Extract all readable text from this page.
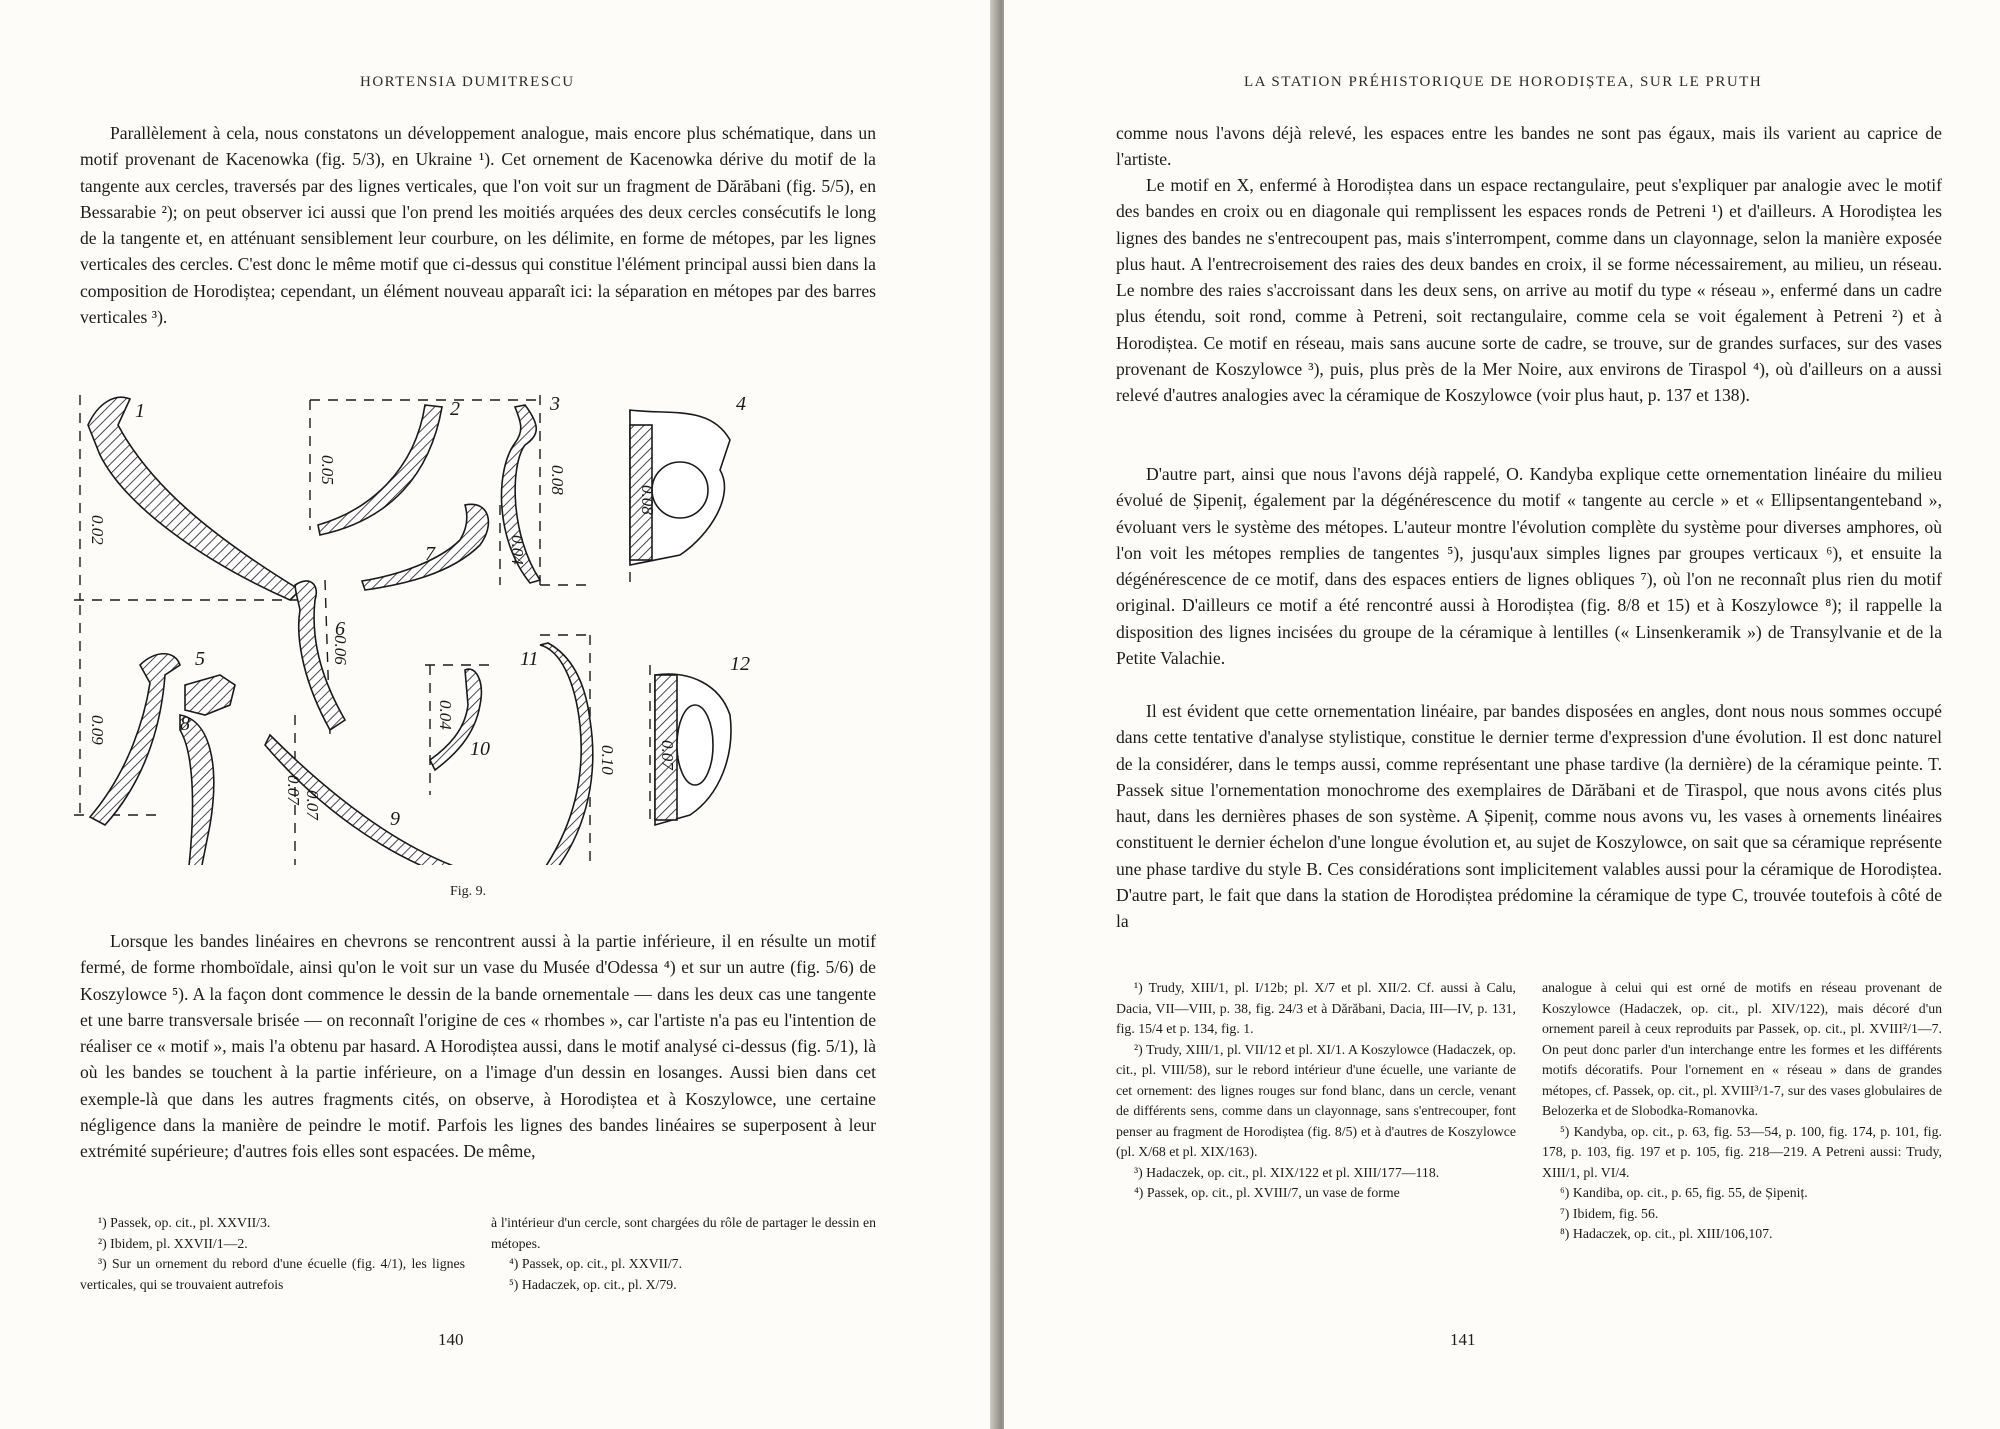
HORTENSIA DUMITRESCU

Parallèlement à cela, nous constatons un développement analogue, mais encore plus schématique, dans un motif provenant de Kacenowka (fig. 5/3), en Ukraine ¹). Cet ornement de Kacenowka dérive du motif de la tangente aux cercles, traversés par des lignes verticales, que l'on voit sur un fragment de Dărăbani (fig. 5/5), en Bessarabie ²); on peut observer ici aussi que l'on prend les moitiés arquées des deux cercles consécutifs le long de la tangente et, en atténuant sensiblement leur courbure, on les délimite, en forme de métopes, par les lignes verticales des cercles. C'est donc le même motif que ci-dessus qui constitue l'élément principal aussi bien dans la composition de Horodiștea; cependant, un élément nouveau apparaît ici: la séparation en métopes par des barres verticales ³).

1	2	3	4
5
6
7
8
9
10
11	12
0.02
0.05	0.08
0.08
0.04
0.06
0.09
0.04
0.07
0.07
0.10 0.07
Fig. 9.

Lorsque les bandes linéaires en chevrons se rencontrent aussi à la partie inférieure, il en résulte un motif fermé, de forme rhomboïdale, ainsi qu'on le voit sur un vase du Musée d'Odessa ⁴) et sur un autre (fig. 5/6) de Koszylowce ⁵). A la façon dont commence le dessin de la bande ornementale — dans les deux cas une tangente et une barre transversale brisée — on reconnaît l'origine de ces « rhombes », car l'artiste n'a pas eu l'intention de réaliser ce « motif », mais l'a obtenu par hasard. A Horodiștea aussi, dans le motif analysé ci-dessus (fig. 5/1), là où les bandes se touchent à la partie inférieure, on a l'image d'un dessin en losanges. Aussi bien dans cet exemple-là que dans les autres fragments cités, on observe, à Horodiștea et à Koszylowce, une certaine négligence dans la manière de peindre le motif. Parfois les lignes des bandes linéaires se superposent à leur extrémité supérieure; d'autres fois elles sont espacées. De même,

¹) Passek, op. cit., pl. XXVII/3.

²) Ibidem, pl. XXVII/1—2.

³) Sur un ornement du rebord d'une écuelle (fig. 4/1), les lignes verticales, qui se trouvaient autrefois

à l'intérieur d'un cercle, sont chargées du rôle de partager le dessin en métopes.

⁴) Passek, op. cit., pl. XXVII/7.

⁵) Hadaczek, op. cit., pl. X/79.

140
LA STATION PRÉHISTORIQUE DE HORODIȘTEA, SUR LE PRUTH

comme nous l'avons déjà relevé, les espaces entre les bandes ne sont pas égaux, mais ils varient au caprice de l'artiste.

Le motif en X, enfermé à Horodiștea dans un espace rectangulaire, peut s'expliquer par analogie avec le motif des bandes en croix ou en diagonale qui remplissent les espaces ronds de Petreni ¹) et d'ailleurs. A Horodiștea les lignes des bandes ne s'entrecoupent pas, mais s'interrompent, comme dans un clayonnage, selon la manière exposée plus haut. A l'entrecroisement des raies des deux bandes en croix, il se forme nécessairement, au milieu, un réseau. Le nombre des raies s'accroissant dans les deux sens, on arrive au motif du type « réseau », enfermé dans un cadre plus étendu, soit rond, comme à Petreni, soit rectangulaire, comme cela se voit également à Petreni ²) et à Horodiștea. Ce motif en réseau, mais sans aucune sorte de cadre, se trouve, sur de grandes surfaces, sur des vases provenant de Koszylowce ³), puis, plus près de la Mer Noire, aux environs de Tiraspol ⁴), où d'ailleurs on a aussi relevé d'autres analogies avec la céramique de Koszylowce (voir plus haut, p. 137 et 138).

D'autre part, ainsi que nous l'avons déjà rappelé, O. Kandyba explique cette ornementation linéaire du milieu évolué de Șipeniț, également par la dégénérescence du motif « tangente au cercle » et « Ellipsentangenteband », évoluant vers le système des métopes. L'auteur montre l'évolution complète du système pour diverses amphores, où l'on voit les métopes remplies de tangentes ⁵), jusqu'aux simples lignes par groupes verticaux ⁶), et ensuite la dégénérescence de ce motif, dans des espaces entiers de lignes obliques ⁷), où l'on ne reconnaît plus rien du motif original. D'ailleurs ce motif a été rencontré aussi à Horodiștea (fig. 8/8 et 15) et à Koszylowce ⁸); il rappelle la disposition des lignes incisées du groupe de la céramique à lentilles (« Linsenkeramik ») de Transylvanie et de la Petite Valachie.

Il est évident que cette ornementation linéaire, par bandes disposées en angles, dont nous nous sommes occupé dans cette tentative d'analyse stylistique, constitue le dernier terme d'expression d'une évolution. Il est donc naturel de la considérer, dans le temps aussi, comme représentant une phase tardive (la dernière) de la céramique peinte. T. Passek situe l'ornementation monochrome des exemplaires de Dărăbani et de Tiraspol, que nous avons cités plus haut, dans les dernières phases de son système. A Șipeniț, comme nous avons vu, les vases à ornements linéaires constituent le dernier échelon d'une longue évolution et, au sujet de Koszylowce, on sait que sa céramique représente une phase tardive du style B. Ces considérations sont implicitement valables aussi pour la céramique de Horodiștea. D'autre part, le fait que dans la station de Horodiștea prédomine la céramique de type C, trouvée toutefois à côté de la

¹) Trudy, XIII/1, pl. I/12b; pl. X/7 et pl. XII/2. Cf. aussi à Calu, Dacia, VII—VIII, p. 38, fig. 24/3 et à Dărăbani, Dacia, III—IV, p. 131, fig. 15/4 et p. 134, fig. 1.

²) Trudy, XIII/1, pl. VII/12 et pl. XI/1. A Koszylowce (Hadaczek, op. cit., pl. VIII/58), sur le rebord intérieur d'une écuelle, une variante de cet ornement: des lignes rouges sur fond blanc, dans un cercle, venant de différents sens, comme dans un clayonnage, sans s'entrecouper, font penser au fragment de Horodiștea (fig. 8/5) et à d'autres de Koszylowce (pl. X/68 et pl. XIX/163).

³) Hadaczek, op. cit., pl. XIX/122 et pl. XIII/177—118.

⁴) Passek, op. cit., pl. XVIII/7, un vase de forme

analogue à celui qui est orné de motifs en réseau provenant de Koszylowce (Hadaczek, op. cit., pl. XIV/122), mais décoré d'un ornement pareil à ceux reproduits par Passek, op. cit., pl. XVIII²/1—7. On peut donc parler d'un interchange entre les formes et les différents motifs décoratifs. Pour l'ornement en « réseau » dans de grandes métopes, cf. Passek, op. cit., pl. XVIII³/1-7, sur des vases globulaires de Belozerka et de Slobodka-Romanovka.

⁵) Kandyba, op. cit., p. 63, fig. 53—54, p. 100, fig. 174, p. 101, fig. 178, p. 103, fig. 197 et p. 105, fig. 218—219. A Petreni aussi: Trudy, XIII/1, pl. VI/4.

⁶) Kandiba, op. cit., p. 65, fig. 55, de Șipeniț.

⁷) Ibidem, fig. 56.

⁸) Hadaczek, op. cit., pl. XIII/106,107.

141
